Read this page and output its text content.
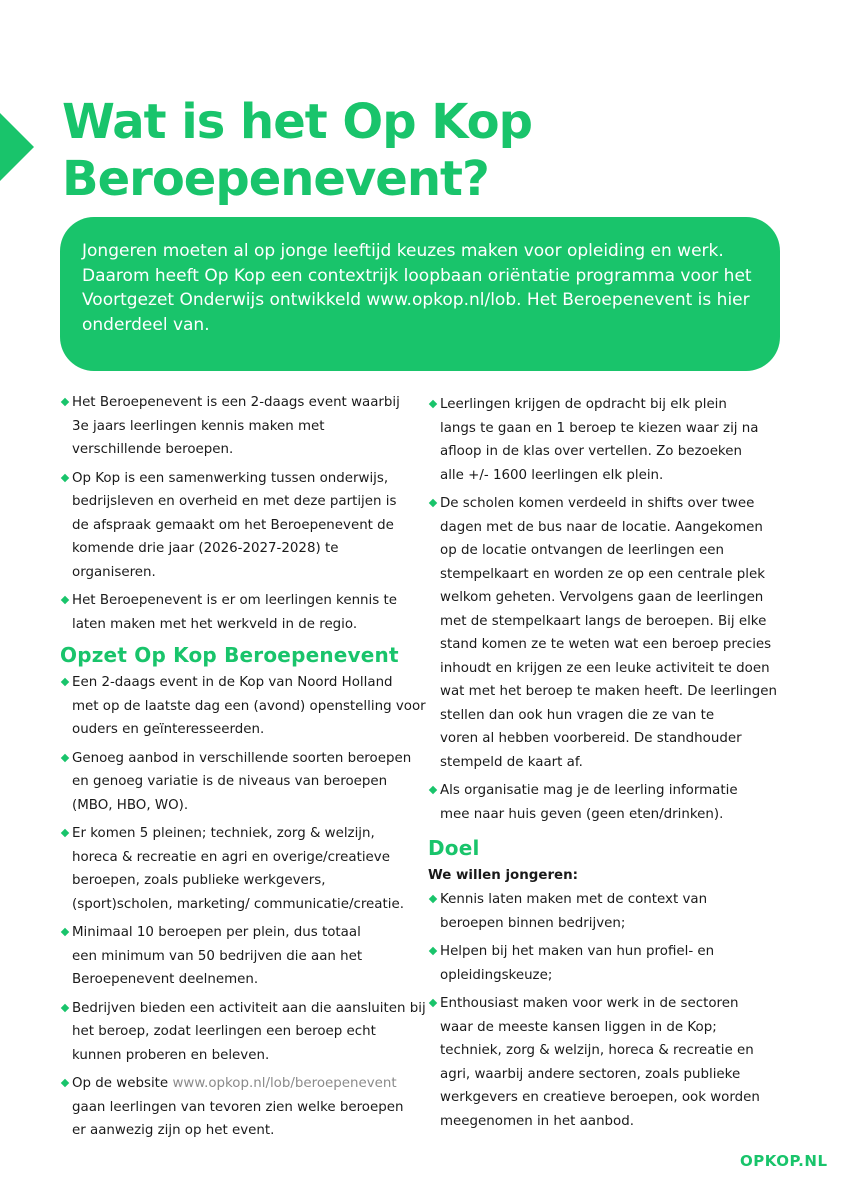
Wat is het Op Kop Beroepenevent?

Jongeren moeten al op jonge leeftijd keuzes maken voor opleiding en werk. Daarom heeft Op Kop een contextrijk loopbaan oriëntatie programma voor het Voortgezet Onderwijs ontwikkeld www.opkop.nl/lob. Het Beroepenevent is hier onderdeel van.

Het Beroepenevent is een 2-daags event waarbij
3e jaars leerlingen kennis maken met
verschillende beroepen.
Op Kop is een samenwerking tussen onderwijs,
bedrijsleven en overheid en met deze partijen is
de afspraak gemaakt om het Beroepenevent de
komende drie jaar (2026-2027-2028) te
organiseren.
Het Beroepenevent is er om leerlingen kennis te
laten maken met het werkveld in de regio.
Opzet Op Kop Beroepenevent
Een 2-daags event in de Kop van Noord Holland
met op de laatste dag een (avond) openstelling voor
ouders en geïnteresseerden.
Genoeg aanbod in verschillende soorten beroepen
en genoeg variatie is de niveaus van beroepen
(MBO, HBO, WO).
Er komen 5 pleinen; techniek, zorg & welzijn,
horeca & recreatie en agri en overige/creatieve
beroepen, zoals publieke werkgevers,
(sport)scholen, marketing/ communicatie/creatie.
Minimaal 10 beroepen per plein, dus totaal
een minimum van 50 bedrijven die aan het
Beroepenevent deelnemen.
Bedrijven bieden een activiteit aan die aansluiten bij
het beroep, zodat leerlingen een beroep echt
kunnen proberen en beleven.
Op de website www.opkop.nl/lob/beroepenevent
gaan leerlingen van tevoren zien welke beroepen
er aanwezig zijn op het event.
Leerlingen krijgen de opdracht bij elk plein
langs te gaan en 1 beroep te kiezen waar zij na
afloop in de klas over vertellen. Zo bezoeken
alle +/- 1600 leerlingen elk plein.
De scholen komen verdeeld in shifts over twee
dagen met de bus naar de locatie. Aangekomen
op de locatie ontvangen de leerlingen een
stempelkaart en worden ze op een centrale plek
welkom geheten. Vervolgens gaan de leerlingen
met de stempelkaart langs de beroepen. Bij elke
stand komen ze te weten wat een beroep precies
inhoudt en krijgen ze een leuke activiteit te doen
wat met het beroep te maken heeft. De leerlingen
stellen dan ook hun vragen die ze van te
voren al hebben voorbereid. De standhouder
stempeld de kaart af.
Als organisatie mag je de leerling informatie
mee naar huis geven (geen eten/drinken).
Doel
We willen jongeren:
Kennis laten maken met de context van
beroepen binnen bedrijven;
Helpen bij het maken van hun profiel- en
opleidingskeuze;
Enthousiast maken voor werk in de sectoren
waar de meeste kansen liggen in de Kop;
techniek, zorg & welzijn, horeca & recreatie en
agri, waarbij andere sectoren, zoals publieke
werkgevers en creatieve beroepen, ook worden
meegenomen in het aanbod.
OPKOP.NL
